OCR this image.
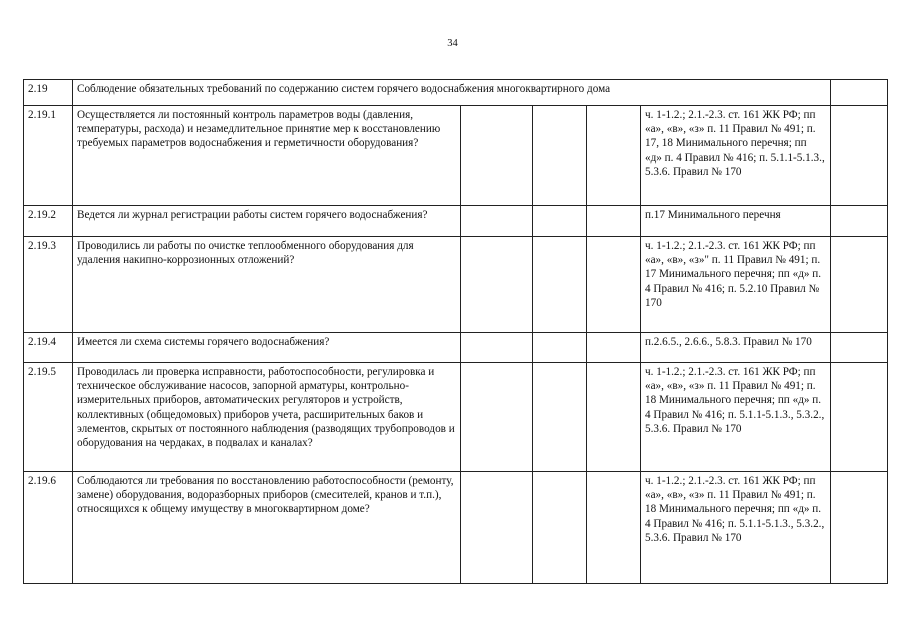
34
2.19	Соблюдение обязательных требований по содержанию систем горячего водоснабжения многоквартирного дома					
2.19.1	Осуществляется ли постоянный контроль параметров воды (давления, температуры, расхода) и незамедлительное принятие мер к восстановлению требуемых параметров водоснабжения и герметичности оборудования?				ч. 1-1.2.; 2.1.-2.3. ст. 161 ЖК РФ; пп «а», «в», «з» п. 11 Правил № 491; п. 17, 18 Минимального перечня; пп «д» п. 4 Правил № 416; п. 5.1.1-5.1.3., 5.3.6. Правил № 170	
2.19.2	Ведется ли журнал регистрации работы систем горячего водоснабжения?				п.17 Минимального перечня	
2.19.3	Проводились ли работы по очистке теплообменного оборудования для удаления накипно-коррозионных отложений?				ч. 1-1.2.; 2.1.-2.3. ст. 161 ЖК РФ; пп «а», «в», «з»" п. 11 Правил № 491; п. 17 Минимального перечня; пп «д» п. 4 Правил № 416; п. 5.2.10 Правил № 170	
2.19.4	Имеется ли схема системы горячего водоснабжения?				п.2.6.5., 2.6.6., 5.8.3. Правил № 170	
2.19.5	Проводилась ли проверка исправности, работоспособности, регулировка и техническое обслуживание насосов, запорной арматуры, контрольно-измерительных приборов, автоматических регуляторов и устройств, коллективных (общедомовых) приборов учета, расширительных баков и элементов, скрытых от постоянного наблюдения (разводящих трубопроводов и оборудования на чердаках, в подвалах и каналах?				ч. 1-1.2.; 2.1.-2.3. ст. 161 ЖК РФ; пп «а», «в», «з» п. 11 Правил № 491; п. 18 Минимального перечня; пп «д» п. 4 Правил № 416; п. 5.1.1-5.1.3., 5.3.2., 5.3.6. Правил № 170	
2.19.6	Соблюдаются ли требования по восстановлению работоспособности (ремонту, замене) оборудования, водоразборных приборов (смесителей, кранов и т.п.), относящихся к общему имуществу в многоквартирном доме?				ч. 1-1.2.; 2.1.-2.3. ст. 161 ЖК РФ; пп «а», «в», «з» п. 11 Правил № 491; п. 18 Минимального перечня; пп «д» п. 4 Правил № 416; п. 5.1.1-5.1.3., 5.3.2., 5.3.6. Правил № 170	
